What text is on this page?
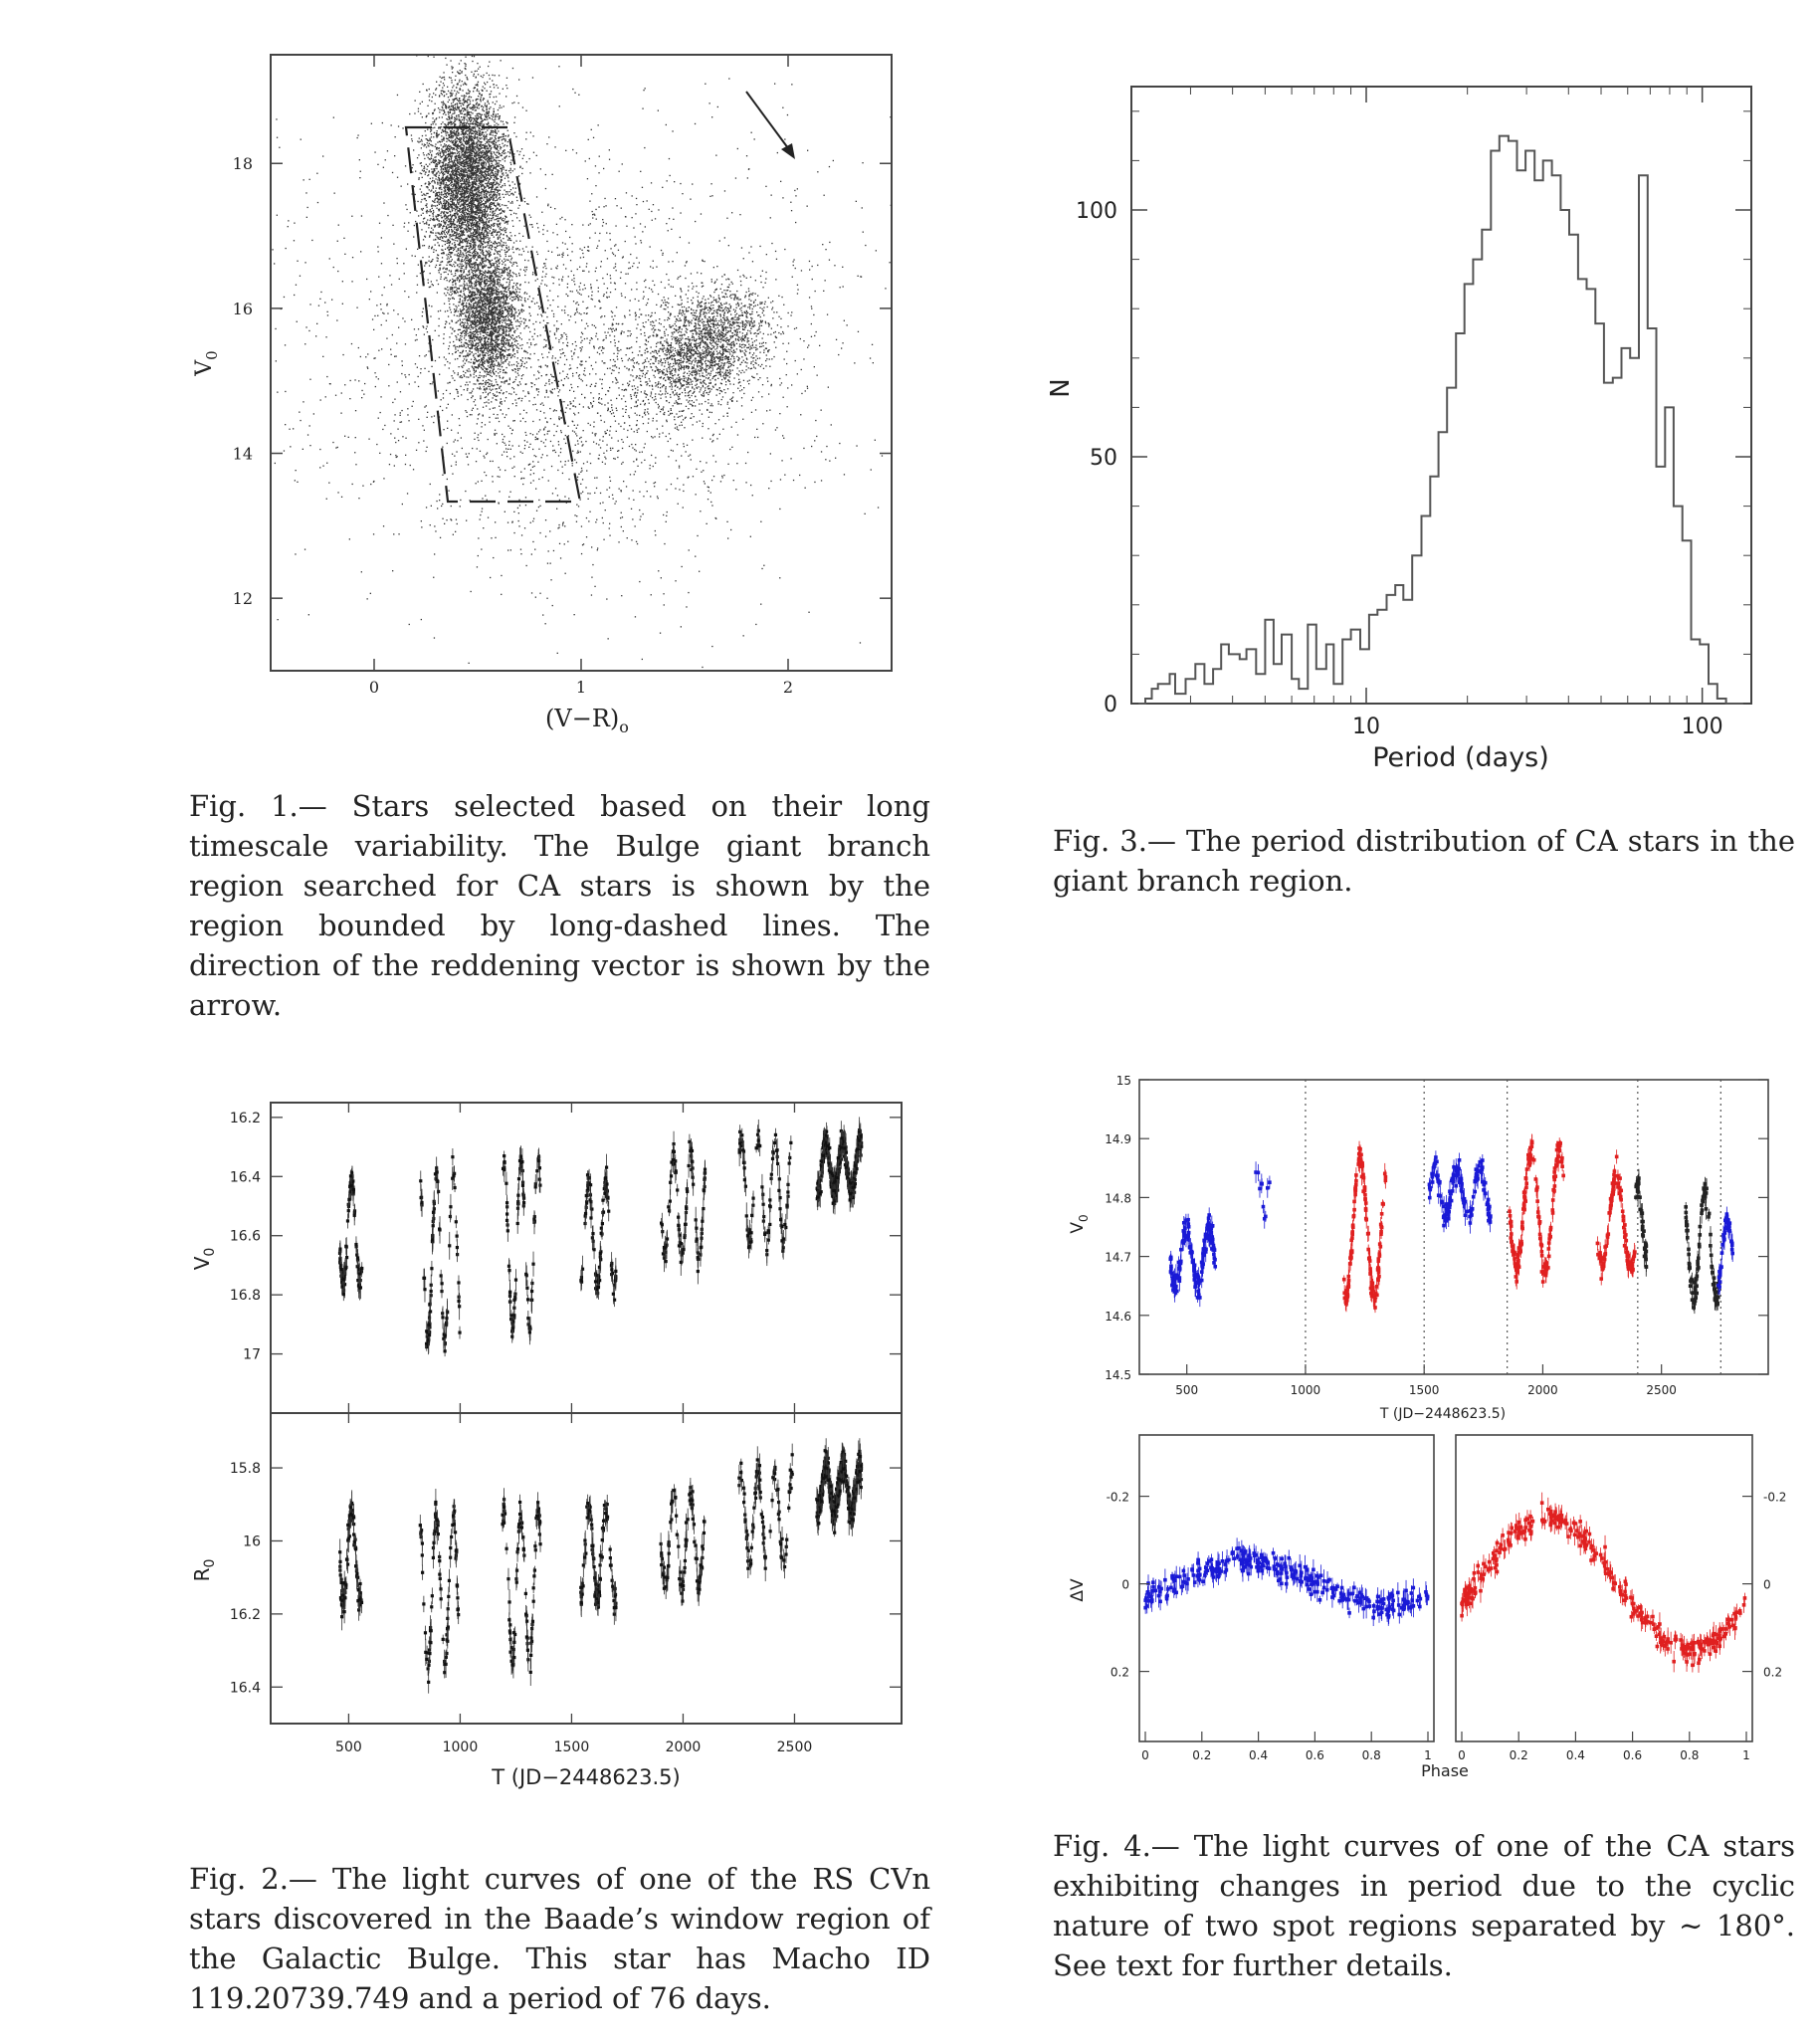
12
14
16
18
0	1	2
$V_0$
$(V-R)_o$
Fig. 1.— Stars selected based on their long timescale variability. The Bulge giant branch region searched for CA stars is shown by the region bounded by long-dashed lines. The direction of the reddening vector is shown by the arrow.
0
50
100
10	100
N
Period (days)
Fig. 3.— The period distribution of CA stars in the giant branch region.
16.2
16.4
16.6
16.8
17
15.8
16
16.2
16.4
500	1000	1500	2000	2500
$V_0$
$R_0$
T (JD−2448623.5)
Fig. 2.— The light curves of one of the RS CVn stars discovered in the Baade’s window region of the Galactic Bulge. This star has Macho ID 119.20739.749 and a period of 76 days.
15
14.9
14.8
14.7
14.6
14.5
500	1000	1500	2000	2500
-0.2	-0.2
0	0
0.2	0.2
0	0.2	0.4	0.6	0.8	1 0	0.2	0.4	0.6	0.8	1
$V_0$
T (JD−2448623.5)
ΔV
Phase
Fig. 4.— The light curves of one of the CA stars exhibiting changes in period due to the cyclic nature of two spot regions separated by ∼ 180°. See text for further details.
